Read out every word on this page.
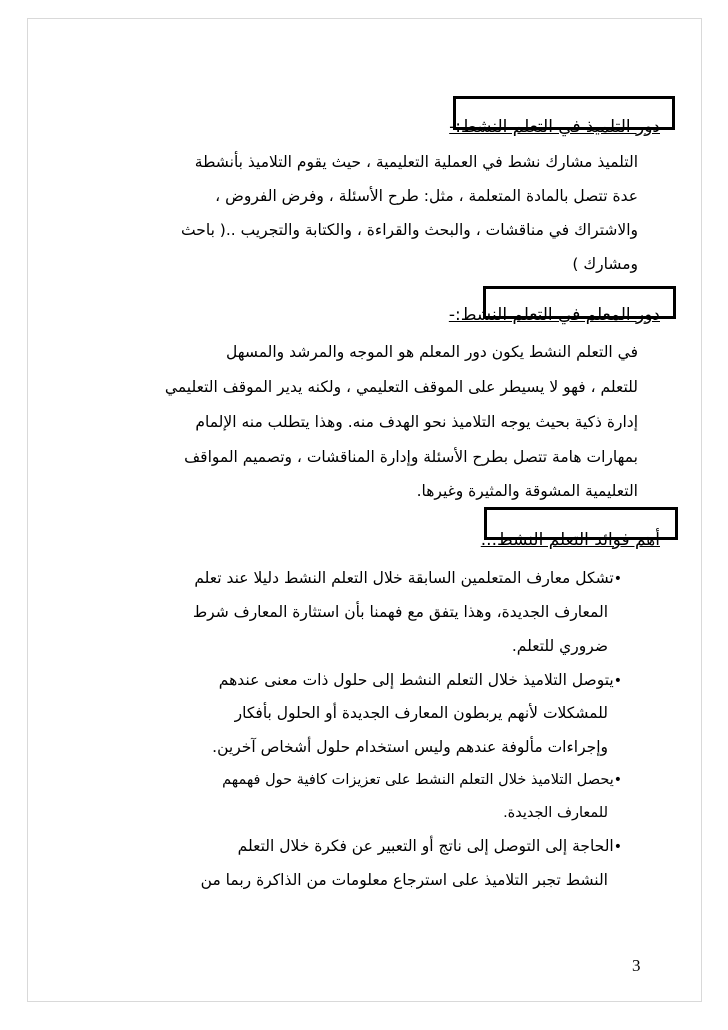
دور التلميذ في التعلم النشط:-
التلميذ مشارك نشط في العملية التعليمية ، حيث يقوم التلاميذ بأنشطة
عدة تتصل بالمادة المتعلمة ، مثل: طرح الأسئلة ، وفرض الفروض ،
والاشتراك في مناقشات ، والبحث والقراءة ، والكتابة والتجريب ..( باحث
ومشارك )
دور المعلم في التعلم النشط:-
في التعلم النشط يكون دور المعلم هو الموجه والمرشد والمسهل
للتعلم ، فهو لا يسيطر على الموقف التعليمي ، ولكنه يدير الموقف التعليمي
إدارة ذكية بحيث يوجه التلاميذ نحو الهدف منه. وهذا يتطلب منه الإلمام
بمهارات هامة تتصل بطرح الأسئلة وإدارة المناقشات ، وتصميم المواقف
التعليمية المشوقة والمثيرة وغيرها.
أهم فوائد التعلم النشط...
•تشكل معارف المتعلمين السابقة خلال التعلم النشط دليلا عند تعلم
المعارف الجديدة، وهذا يتفق مع فهمنا بأن استثارة المعارف شرط
ضروري للتعلم.
•يتوصل التلاميذ خلال التعلم النشط إلى حلول ذات معنى عندهم
للمشكلات لأنهم يربطون المعارف الجديدة أو الحلول بأفكار
وإجراءات مألوفة عندهم وليس استخدام حلول أشخاص آخرين.
•يحصل التلاميذ خلال التعلم النشط على تعزيزات كافية حول فهمهم
للمعارف الجديدة.
•الحاجة إلى التوصل إلى ناتج أو التعبير عن فكرة خلال التعلم
النشط تجبر التلاميذ على استرجاع معلومات من الذاكرة ربما من
3
